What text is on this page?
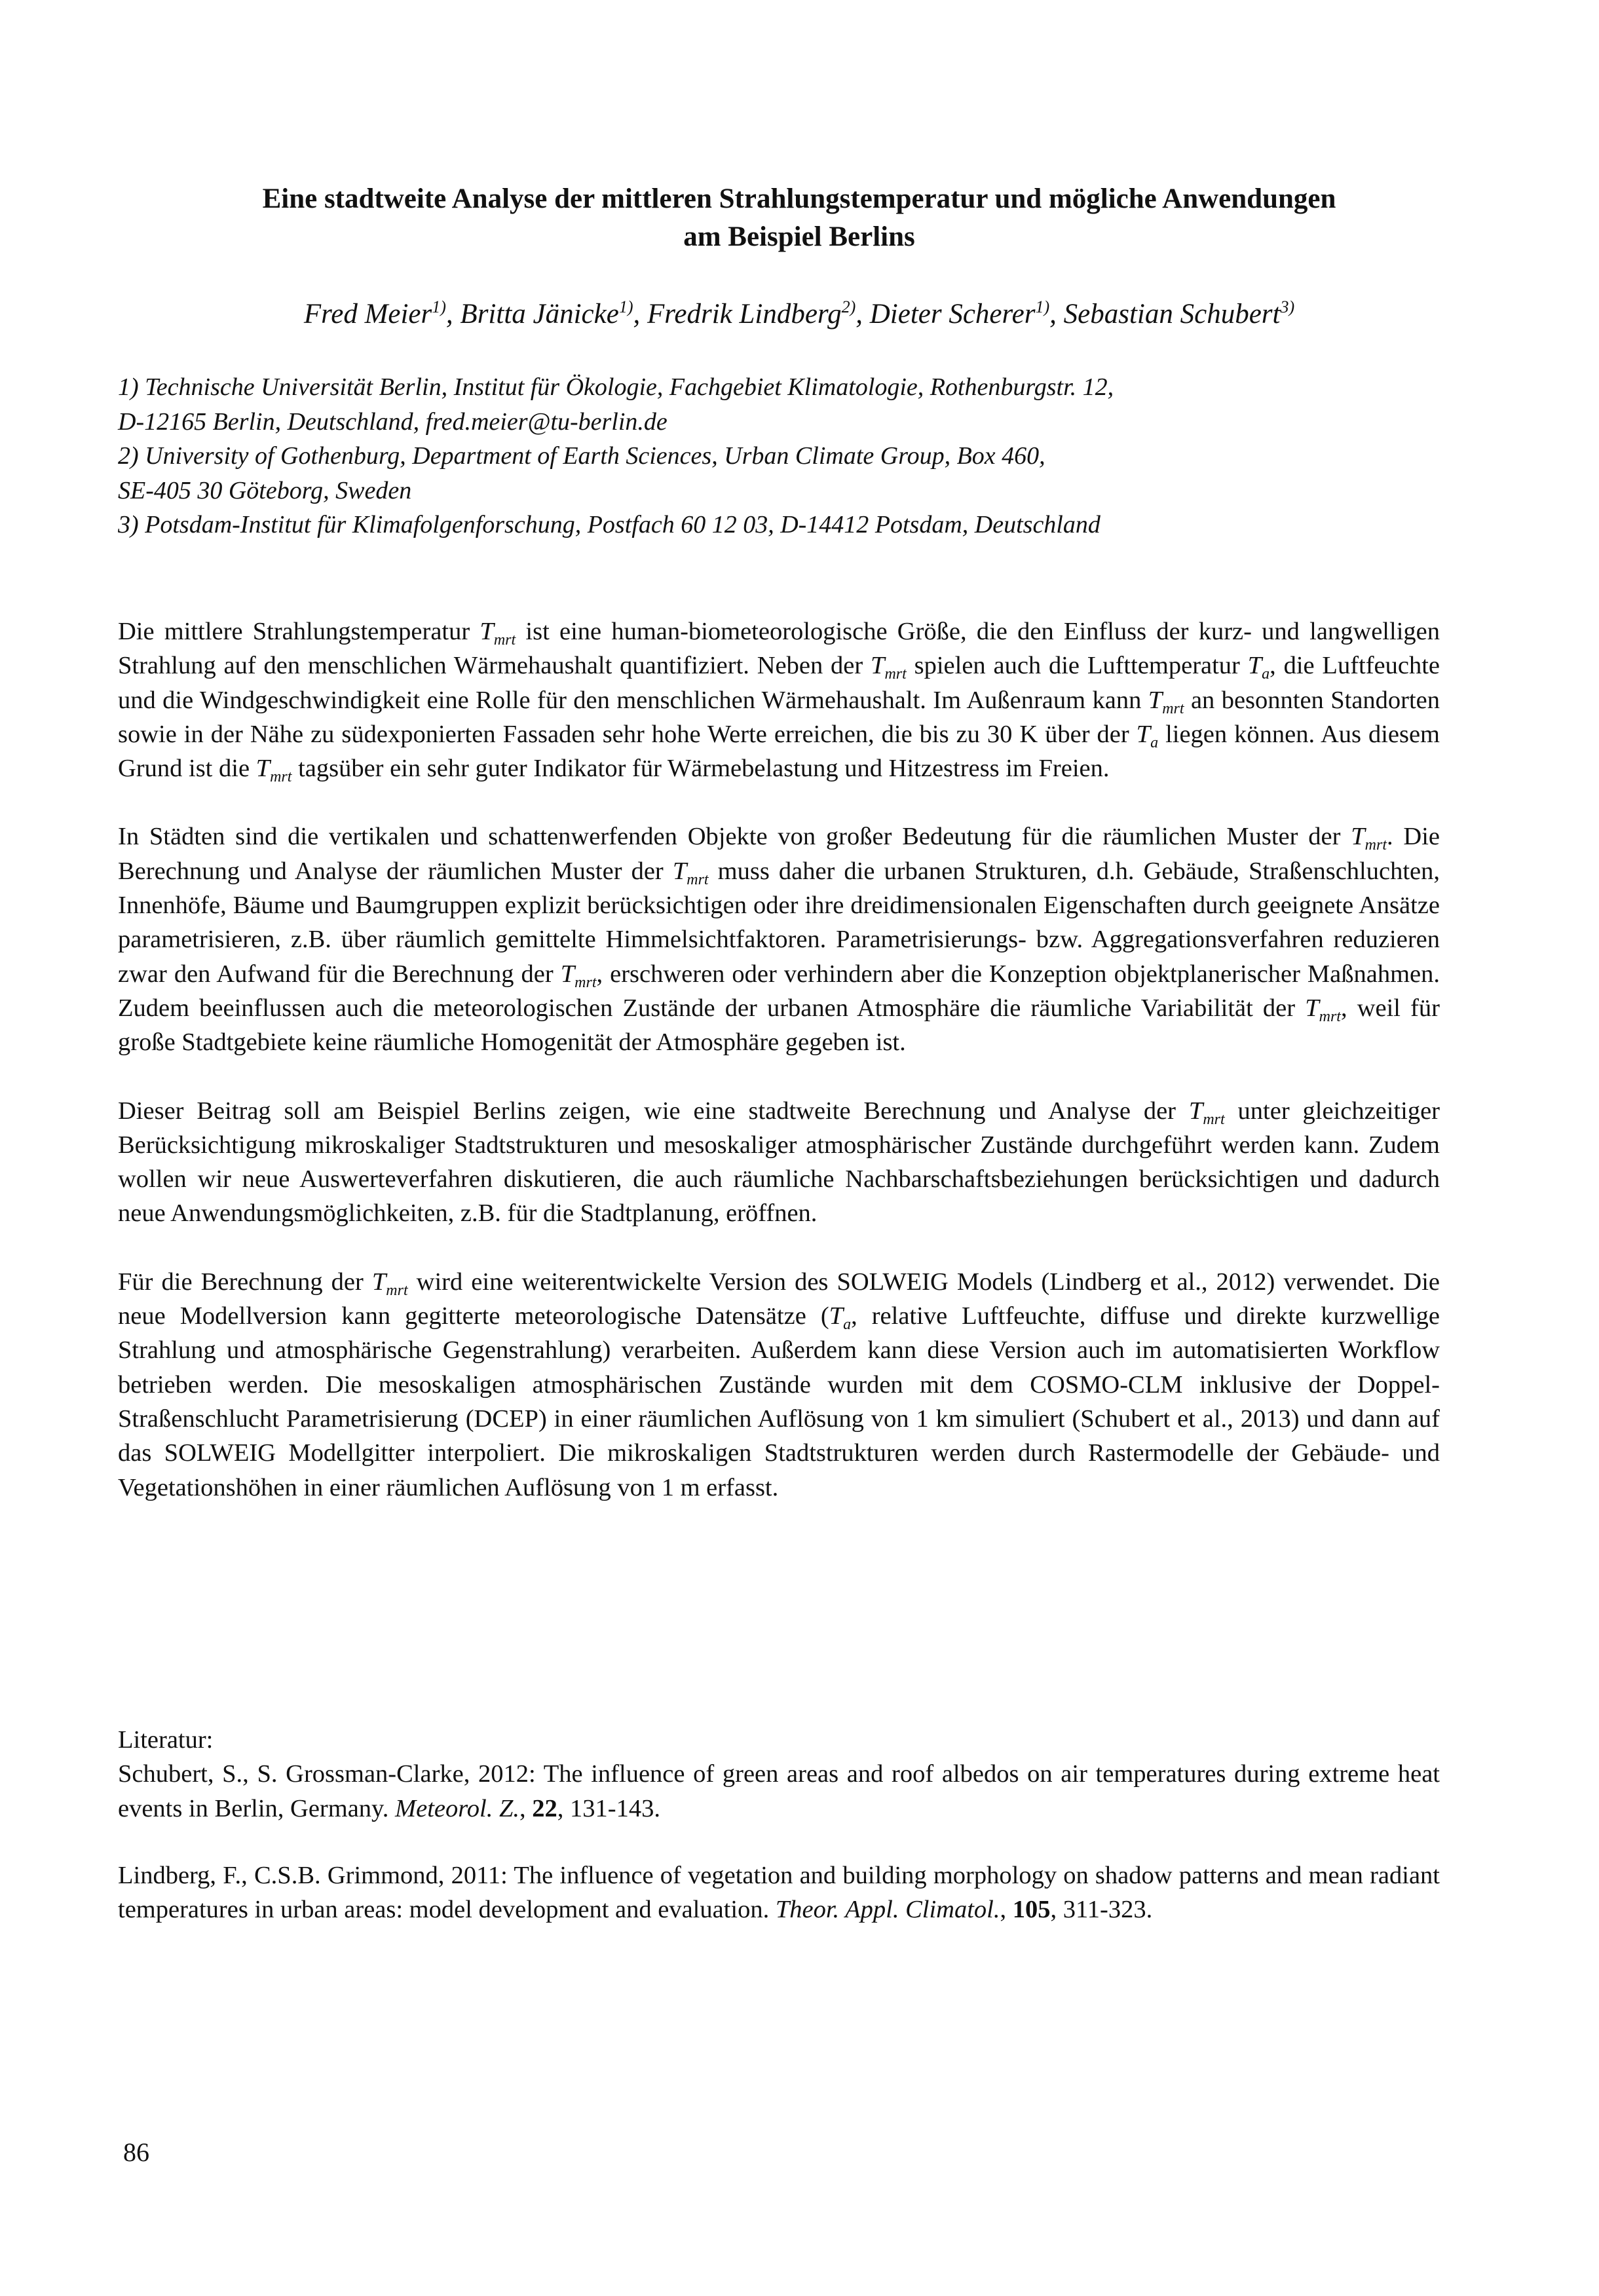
Eine stadtweite Analyse der mittleren Strahlungstemperatur und mögliche Anwendungen
am Beispiel Berlins
Fred Meier$^{1)}$, Britta Jänicke$^{1)}$, Fredrik Lindberg$^{2)}$, Dieter Scherer$^{1)}$, Sebastian Schubert$^{3)}$
1) Technische Universität Berlin, Institut für Ökologie, Fachgebiet Klimatologie, Rothenburgstr. 12,
D-12165 Berlin, Deutschland, fred.meier@tu-berlin.de
2) University of Gothenburg, Department of Earth Sciences, Urban Climate Group, Box 460,
SE-405 30 Göteborg, Sweden
3) Potsdam-Institut für Klimafolgenforschung, Postfach 60 12 03, D-14412 Potsdam, Deutschland

Die mittlere Strahlungstemperatur $T_{mrt}$ ist eine human-biometeorologische Größe, die den Einfluss der kurz- und langwelligen Strahlung auf den menschlichen Wärmehaushalt quantifiziert. Neben der $T_{mrt}$ spielen auch die Lufttemperatur $T_a$, die Luftfeuchte und die Windgeschwindigkeit eine Rolle für den menschlichen Wärmehaushalt. Im Außenraum kann $T_{mrt}$ an besonnten Standorten sowie in der Nähe zu südexponierten Fassaden sehr hohe Werte erreichen, die bis zu 30 K über der $T_a$ liegen können. Aus diesem Grund ist die $T_{mrt}$ tagsüber ein sehr guter Indikator für Wärmebelastung und Hitzestress im Freien.

In Städten sind die vertikalen und schattenwerfenden Objekte von großer Bedeutung für die räumlichen Muster der $T_{mrt}$. Die Berechnung und Analyse der räumlichen Muster der $T_{mrt}$ muss daher die urbanen Strukturen, d.h. Gebäude, Straßenschluchten, Innenhöfe, Bäume und Baumgruppen explizit berücksichtigen oder ihre dreidimensionalen Eigenschaften durch geeignete Ansätze parametrisieren, z.B. über räumlich gemittelte Himmelsichtfaktoren. Parametrisierungs- bzw. Aggregationsverfahren reduzieren zwar den Aufwand für die Berechnung der $T_{mrt}$, erschweren oder verhindern aber die Konzeption objektplanerischer Maßnahmen. Zudem beeinflussen auch die meteorologischen Zustände der urbanen Atmosphäre die räumliche Variabilität der $T_{mrt}$, weil für große Stadtgebiete keine räumliche Homogenität der Atmosphäre gegeben ist.

Dieser Beitrag soll am Beispiel Berlins zeigen, wie eine stadtweite Berechnung und Analyse der $T_{mrt}$ unter gleichzeitiger Berücksichtigung mikroskaliger Stadtstrukturen und mesoskaliger atmosphärischer Zustände durchgeführt werden kann. Zudem wollen wir neue Auswerteverfahren diskutieren, die auch räumliche Nachbarschaftsbeziehungen berücksichtigen und dadurch neue Anwendungsmöglichkeiten, z.B. für die Stadtplanung, eröffnen.

Für die Berechnung der $T_{mrt}$ wird eine weiterentwickelte Version des SOLWEIG Models (Lindberg et al., 2012) verwendet. Die neue Modellversion kann gegitterte meteorologische Datensätze ($T_a$, relative Luftfeuchte, diffuse und direkte kurzwellige Strahlung und atmosphärische Gegenstrahlung) verarbeiten. Außerdem kann diese Version auch im automatisierten Workflow betrieben werden. Die mesoskaligen atmosphärischen Zustände wurden mit dem COSMO-CLM inklusive der Doppel-Straßenschlucht Parametrisierung (DCEP) in einer räumlichen Auflösung von 1 km simuliert (Schubert et al., 2013) und dann auf das SOLWEIG Modellgitter interpoliert. Die mikroskaligen Stadtstrukturen werden durch Rastermodelle der Gebäude- und Vegetationshöhen in einer räumlichen Auflösung von 1 m erfasst.

Literatur:

Schubert, S., S. Grossman-Clarke, 2012: The influence of green areas and roof albedos on air temperatures during extreme heat events in Berlin, Germany. Meteorol. Z., 22, 131-143.

Lindberg, F., C.S.B. Grimmond, 2011: The influence of vegetation and building morphology on shadow patterns and mean radiant temperatures in urban areas: model development and evaluation. Theor. Appl. Climatol., 105, 311-323.

86
